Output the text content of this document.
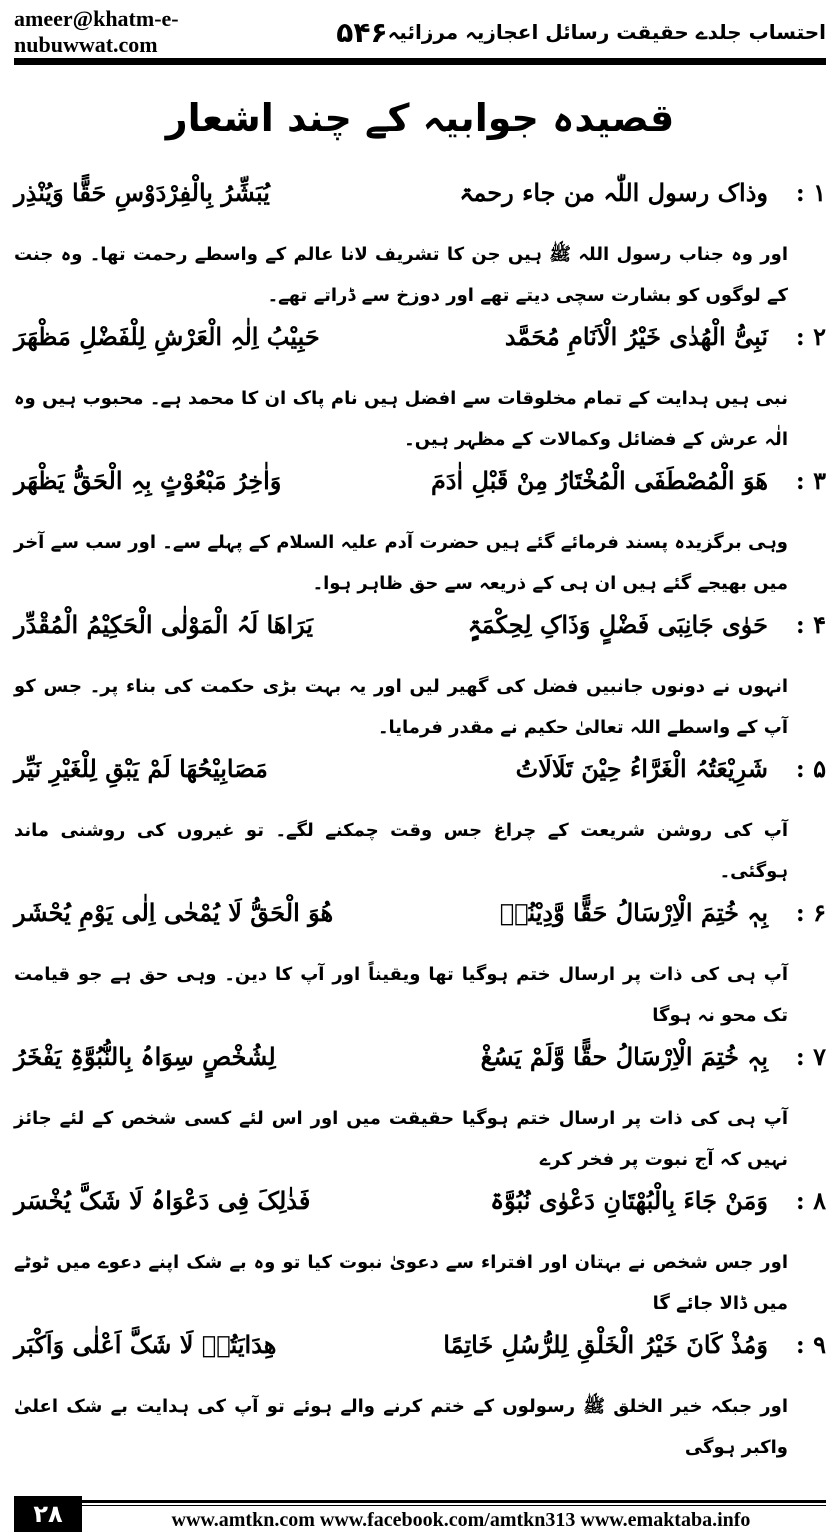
ameer@khatm-e-nubuwwat.com	۵۴۶ احتساب جلدے حقیقت رسائل اعجازیہ مرزائیہ
قصیدہ جوابیہ کے چند اشعار
۱ :
وذاک رسول اللّٰہ من جاء رحمۃ
یُبَشِّرُ بِالْفِرْدَوْسِ حَقًّا وَیُنْذِر
اور وہ جناب رسول اللہ ﷺ ہیں جن کا تشریف لانا عالم کے واسطے رحمت تھا۔ وہ جنت کے لوگوں کو بشارت سچی دیتے تھے اور دوزخ سے ڈراتے تھے۔
۲ :
نَبِیُّ الْھُدٰی خَیْرُ الْاَنَامِ مُحَمَّد
حَبِیْبُ اِلٰہِ الْعَرْشِ لِلْفَضْلِ مَظْھَرَ
نبی ہیں ہدایت کے تمام مخلوقات سے افضل ہیں نام پاک ان کا محمد ہے۔ محبوب ہیں وہ الٰہ عرش کے فضائل وکمالات کے مظہر ہیں۔
۳ :
ھَوَ الْمُصْطَفَی الْمُخْتَارُ مِنْ قَبْلِ اٰدَمَ
وَاٰخِرُ مَبْعُوْثٍ بِہِ الْحَقُّ یَظْھَر
وہی برگزیدہ پسند فرمائے گئے ہیں حضرت آدم علیہ السلام کے پہلے سے۔ اور سب سے آخر میں بھیجے گئے ہیں ان ہی کے ذریعہ سے حق ظاہر ہوا۔
۴ :
حَوٰی جَانِبَی فَضْلٍ وَذَاکِ لِحِکْمَۃٍ
یَرَاھَا لَہُ الْمَوْلٰی الْحَکِیْمُ الْمُقْدِّر
انہوں نے دونوں جانبیں فضل کی گھیر لیں اور یہ بہت بڑی حکمت کی بناء پر۔ جس کو آپ کے واسطے اللہ تعالیٰ حکیم نے مقدر فرمایا۔
۵ :
شَرِیْعَتُہُ الْغَرَّاءُ حِیْنَ تَلَالَاتُ
مَصَابِیْحُھَا لَمْ یَبْقِ لِلْغَیْرِ نَیِّر
آپ کی روشن شریعت کے چراغ جس وقت چمکنے لگے۔ تو غیروں کی روشنی ماند ہوگئی۔
۶ :
بِہٖ خُتِمَ الْاِرْسَالُ حَقًّا وَّدِیْنُہٗ
ھُوَ الْحَقُّ لَا یُمْحٰی اِلٰی یَوْمِ یُحْشَر
آپ ہی کی ذات پر ارسال ختم ہوگیا تھا ویقیناً اور آپ کا دین۔ وہی حق ہے جو قیامت تک محو نہ ہوگا
۷ :
بِہٖ خُتِمَ الْاِرْسَالُ حقًّا وَّلَمْ یَسُغْ
لِشُخْصٍ سِوَاہُ بِالنُّبُوَّۃِ یَفْخَرُ
آپ ہی کی ذات پر ارسال ختم ہوگیا حقیقت میں اور اس لئے کسی شخص کے لئے جائز نہیں کہ آج نبوت پر فخر کرے
۸ :
وَمَنْ جَاءَ بِالْبُھْتَانِ دَعْوٰی نُبُوَّۃ
فَذٰلِکَ فِی دَعْوَاہُ لَا شَکَّ یُخْسَر
اور جس شخص نے بہتان اور افتراء سے دعویٰ نبوت کیا تو وہ بے شک اپنے دعوے میں ٹوٹے میں ڈالا جائے گا
۹ :
وَمُذْ کَانَ خَیْرُ الْخَلْقِ لِلرُّسُلِ خَاتِمًا
ھِدَایَتُہٗ لَا شَکَّ اَعْلٰی وَاَکْبَر
اور جبکہ خیر الخلق ﷺ رسولوں کے ختم کرنے والے ہوئے تو آپ کی ہدایت بے شک اعلیٰ واکبر ہوگی
۲۸	www.amtkn.com www.facebook.com/amtkn313 www.emaktaba.info
